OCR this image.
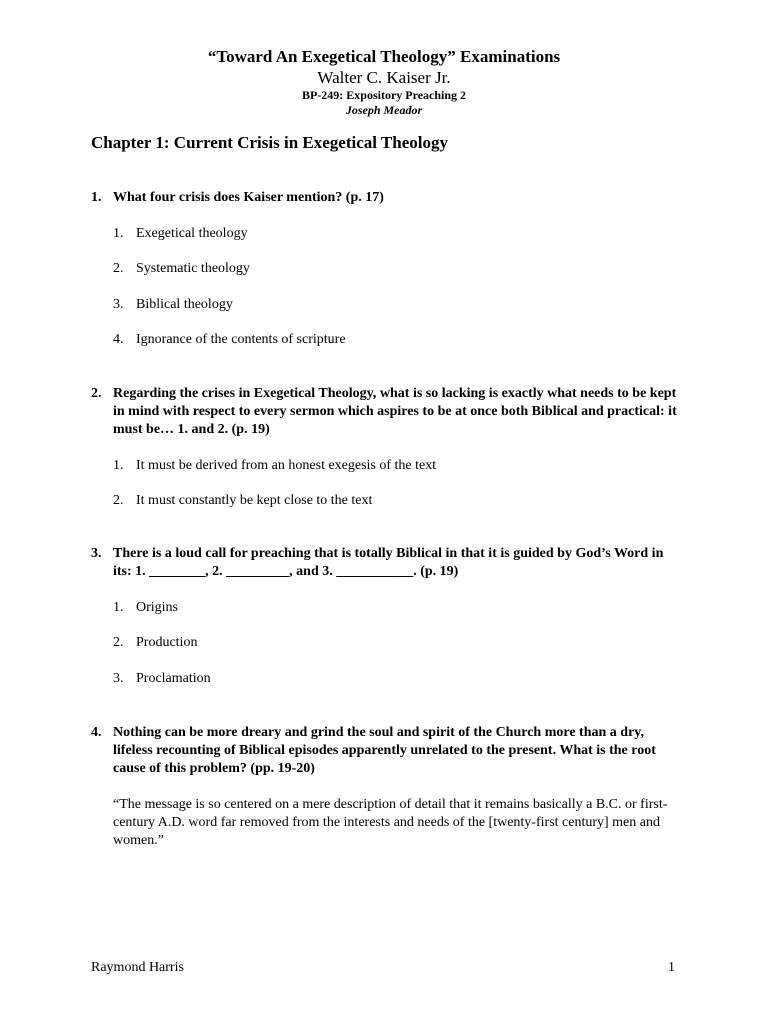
“Toward An Exegetical Theology” Examinations

Walter C. Kaiser Jr.

BP-249: Expository Preaching 2

Joseph Meador

Chapter 1: Current Crisis in Exegetical Theology

1. What four crisis does Kaiser mention? (p. 17)
1. Exegetical theology
2. Systematic theology
3. Biblical theology
4. Ignorance of the contents of scripture
2. Regarding the crises in Exegetical Theology, what is so lacking is exactly what needs to be kept in mind with respect to every sermon which aspires to be at once both Biblical and practical: it must be… 1. and 2. (p. 19)
1. It must be derived from an honest exegesis of the text
2. It must constantly be kept close to the text
3. There is a loud call for preaching that is totally Biblical in that it is guided by God’s Word in its: 1. ________, 2. _________, and 3. ___________. (p. 19)
1. Origins
2. Production
3. Proclamation
4. Nothing can be more dreary and grind the soul and spirit of the Church more than a dry, lifeless recounting of Biblical episodes apparently unrelated to the present. What is the root cause of this problem? (pp. 19-20)
“The message is so centered on a mere description of detail that it remains basically a B.C. or first-century A.D. word far removed from the interests and needs of the [twenty-first century] men and women.”
Raymond Harris	1
